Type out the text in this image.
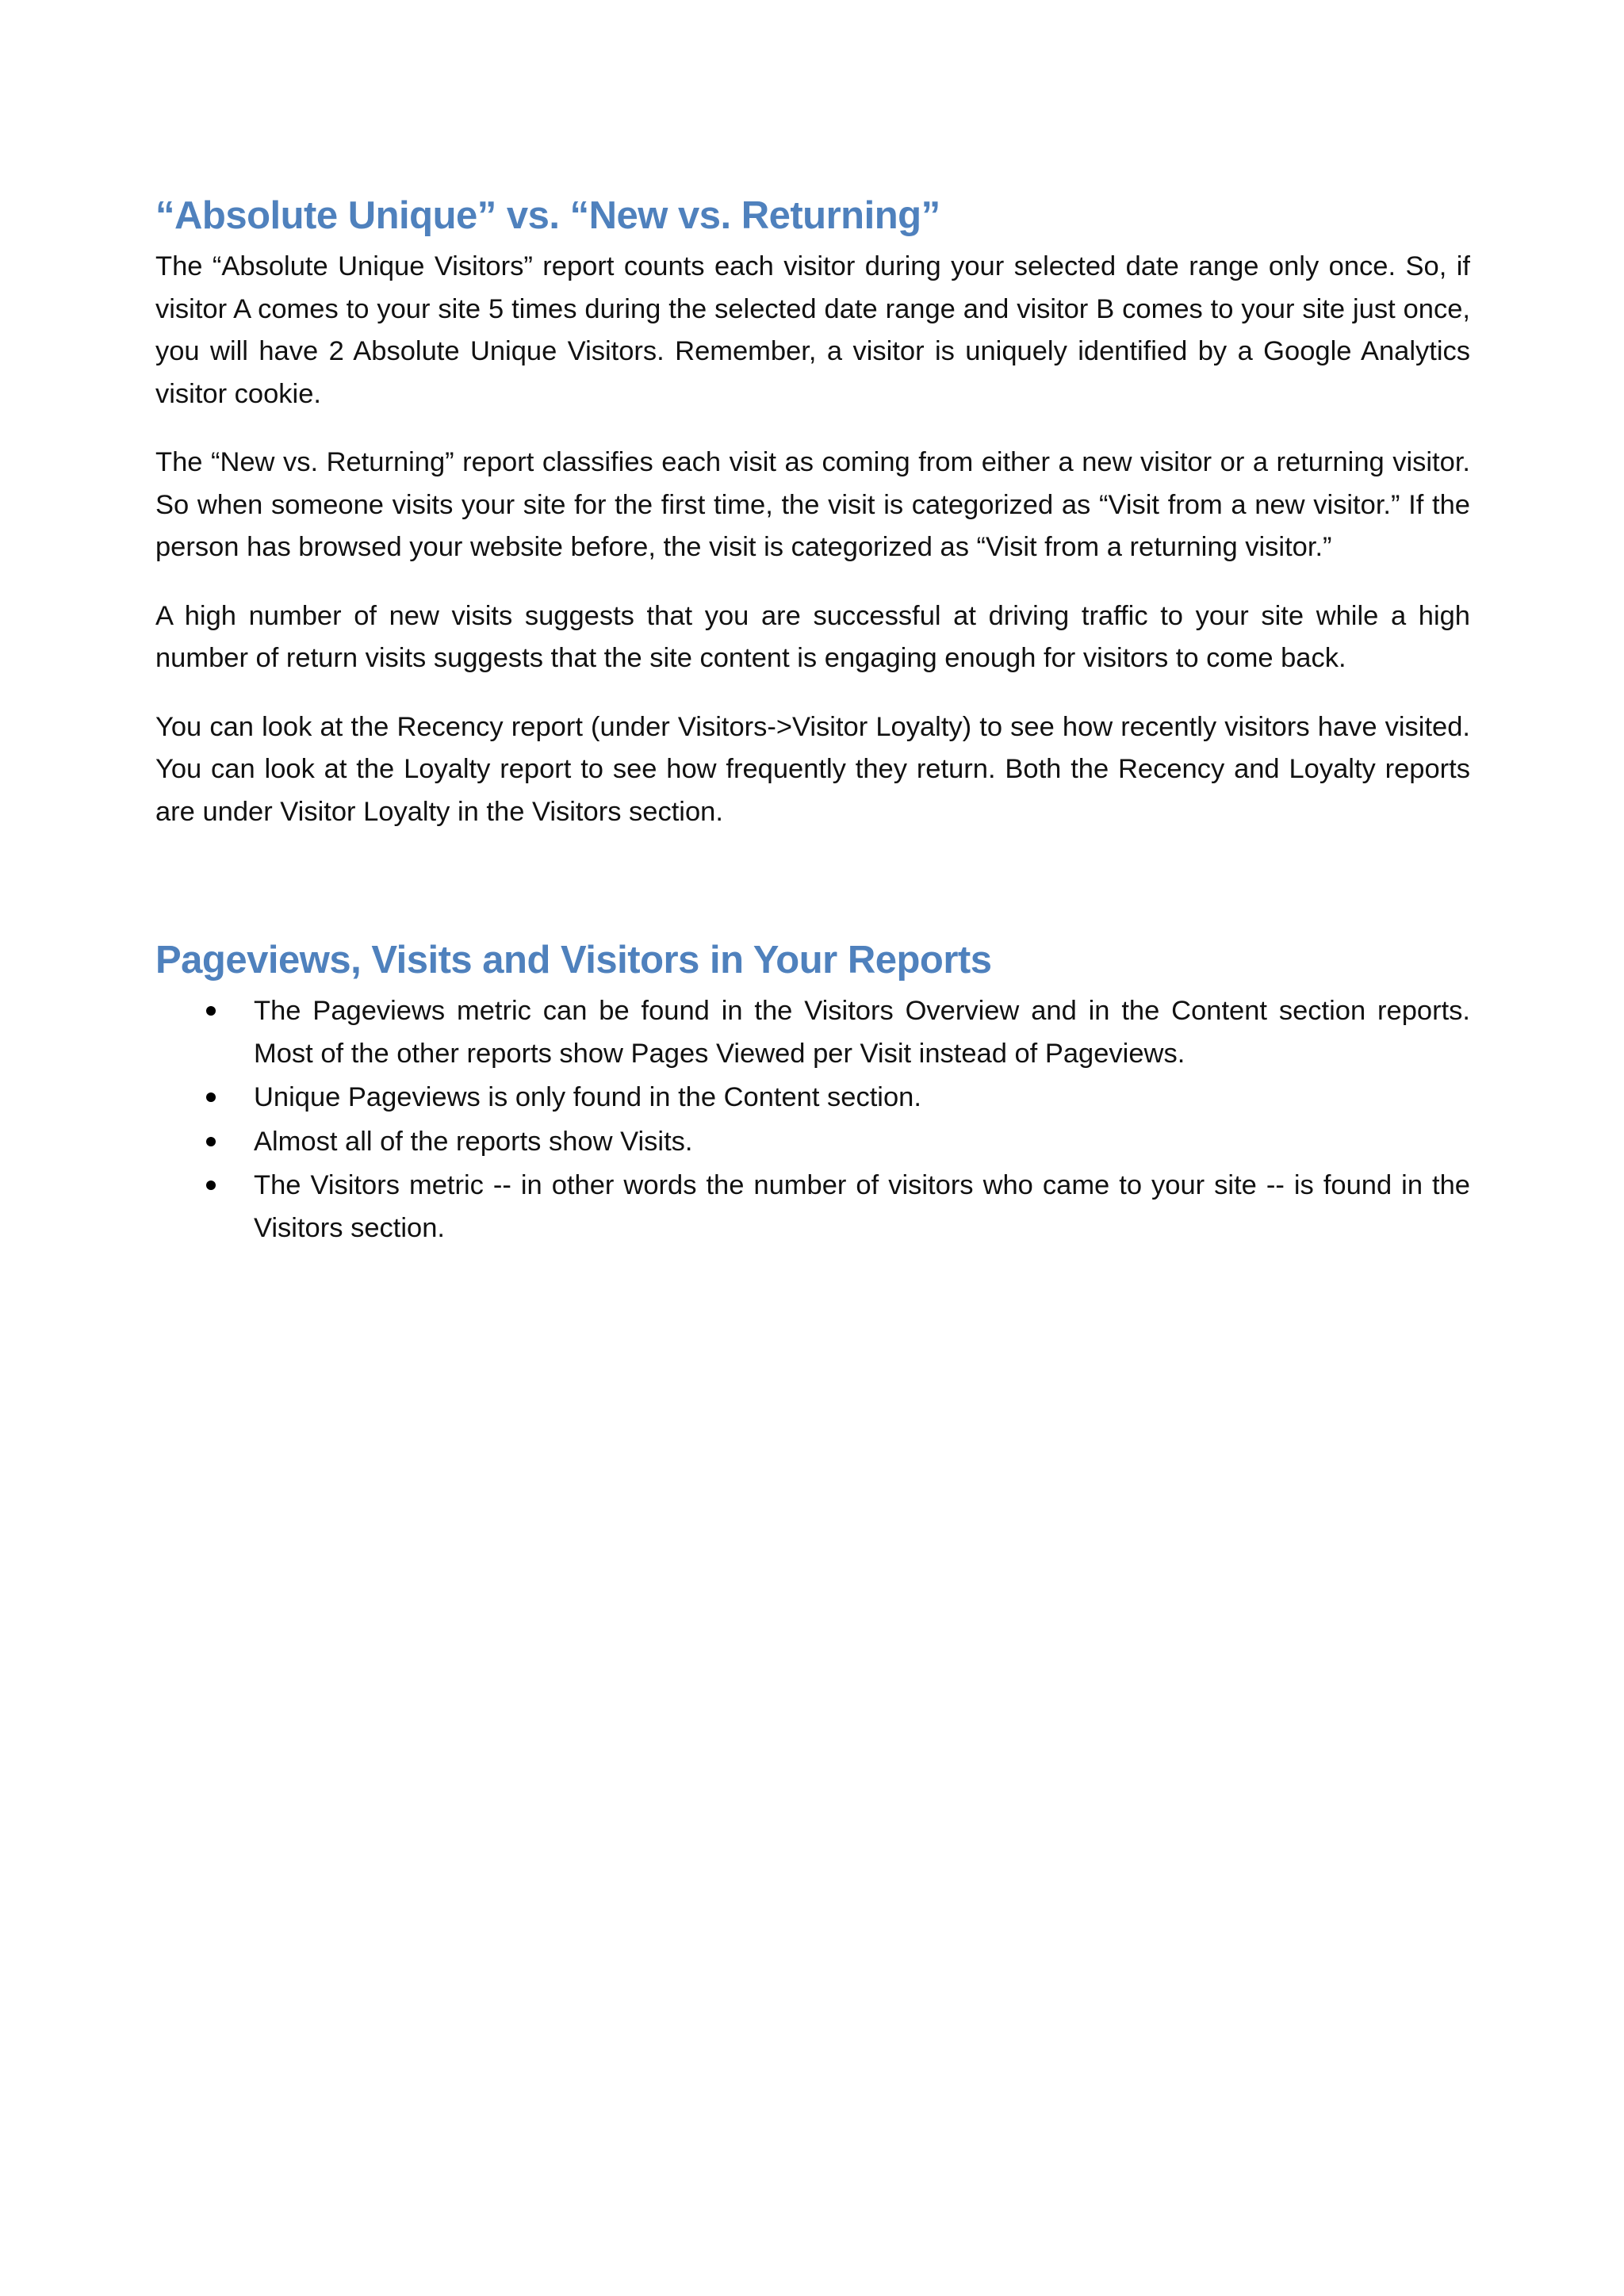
“Absolute Unique” vs. “New vs. Returning”

The “Absolute Unique Visitors” report counts each visitor during your selected date range only once. So, if visitor A comes to your site 5 times during the selected date range and visitor B comes to your site just once, you will have 2 Absolute Unique Visitors. Remember, a visitor is uniquely identified by a Google Analytics visitor cookie.

The “New vs. Returning” report classifies each visit as coming from either a new visitor or a returning visitor. So when someone visits your site for the first time, the visit is categorized as “Visit from a new visitor.” If the person has browsed your website before, the visit is categorized as “Visit from a returning visitor.”

A high number of new visits suggests that you are successful at driving traffic to your site while a high number of return visits suggests that the site content is engaging enough for visitors to come back.

You can look at the Recency report (under Visitors->Visitor Loyalty) to see how recently visitors have visited. You can look at the Loyalty report to see how frequently they return. Both the Recency and Loyalty reports are under Visitor Loyalty in the Visitors section.

Pageviews, Visits and Visitors in Your Reports
The Pageviews metric can be found in the Visitors Overview and in the Content section reports. Most of the other reports show Pages Viewed per Visit instead of Pageviews.
Unique Pageviews is only found in the Content section.
Almost all of the reports show Visits.
The Visitors metric -- in other words the number of visitors who came to your site -- is found in the Visitors section.
